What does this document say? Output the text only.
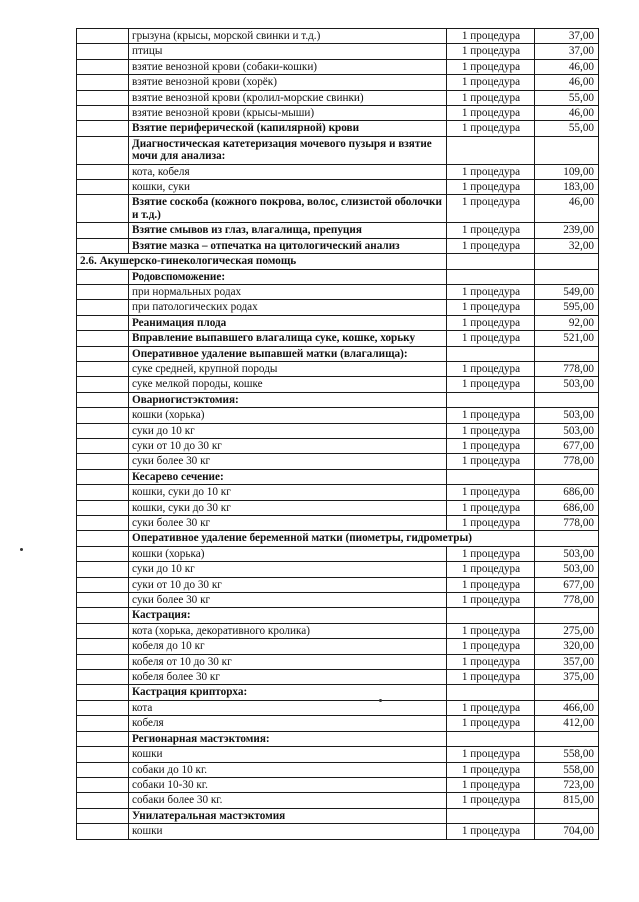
	грызуна (крысы, морской свинки и т.д.)	1 процедура	37,00
	птицы	1 процедура	37,00
	взятие венозной крови (собаки-кошки)	1 процедура	46,00
	взятие венозной крови (хорёк)	1 процедура	46,00
	взятие венозной крови (кролил-морские свинки)	1 процедура	55,00
	взятие венозной крови (крысы-мыши)	1 процедура	46,00
	Взятие периферической (капилярной) крови	1 процедура	55,00
	Диагностическая катетеризация мочевого пузыря и взятие мочи для анализа:		
	кота, кобеля	1 процедура	109,00
	кошки, суки	1 процедура	183,00
	Взятие соскоба (кожного покрова, волос, слизистой оболочки и т.д.)	1 процедура	46,00
	Взятие смывов из глаз, влагалища, препуция	1 процедура	239,00
	Взятие мазка – отпечатка на цитологический анализ	1 процедура	32,00
2.6. Акушерско-гинекологическая помощь			
	Родовспоможение:		
	при нормальных родах	1 процедура	549,00
	при патологических родах	1 процедура	595,00
	Реанимация плода	1 процедура	92,00
	Вправление выпавшего влагалища суке, кошке, хорьку	1 процедура	521,00
	Оперативное удаление выпавшей матки (влагалища):		
	суке средней, крупной породы	1 процедура	778,00
	суке мелкой породы, кошке	1 процедура	503,00
	Овариогистэктомия:		
	кошки (хорька)	1 процедура	503,00
	суки до 10 кг	1 процедура	503,00
	суки от 10 до 30 кг	1 процедура	677,00
	суки более 30 кг	1 процедура	778,00
	Кесарево сечение:		
	кошки, суки до 10 кг	1 процедура	686,00
	кошки, суки до 30 кг	1 процедура	686,00
	суки более 30 кг	1 процедура	778,00
	Оперативное удаление беременной матки (пиометры, гидрометры)		
	кошки (хорька)	1 процедура	503,00
	суки до 10 кг	1 процедура	503,00
	суки от 10 до 30 кг	1 процедура	677,00
	суки более 30 кг	1 процедура	778,00
	Кастрация:		
	кота (хорька, декоративного кролика)	1 процедура	275,00
	кобеля до 10 кг	1 процедура	320,00
	кобеля от 10 до 30 кг	1 процедура	357,00
	кобеля более 30 кг	1 процедура	375,00
	Кастрация крипторха:		
	кота	1 процедура	466,00
	кобеля	1 процедура	412,00
	Регионарная мастэктомия:		
	кошки	1 процедура	558,00
	собаки до 10 кг.	1 процедура	558,00
	собаки 10-30 кг.	1 процедура	723,00
	собаки более 30 кг.	1 процедура	815,00
	Унилатеральная мастэктомия		
	кошки	1 процедура	704,00
